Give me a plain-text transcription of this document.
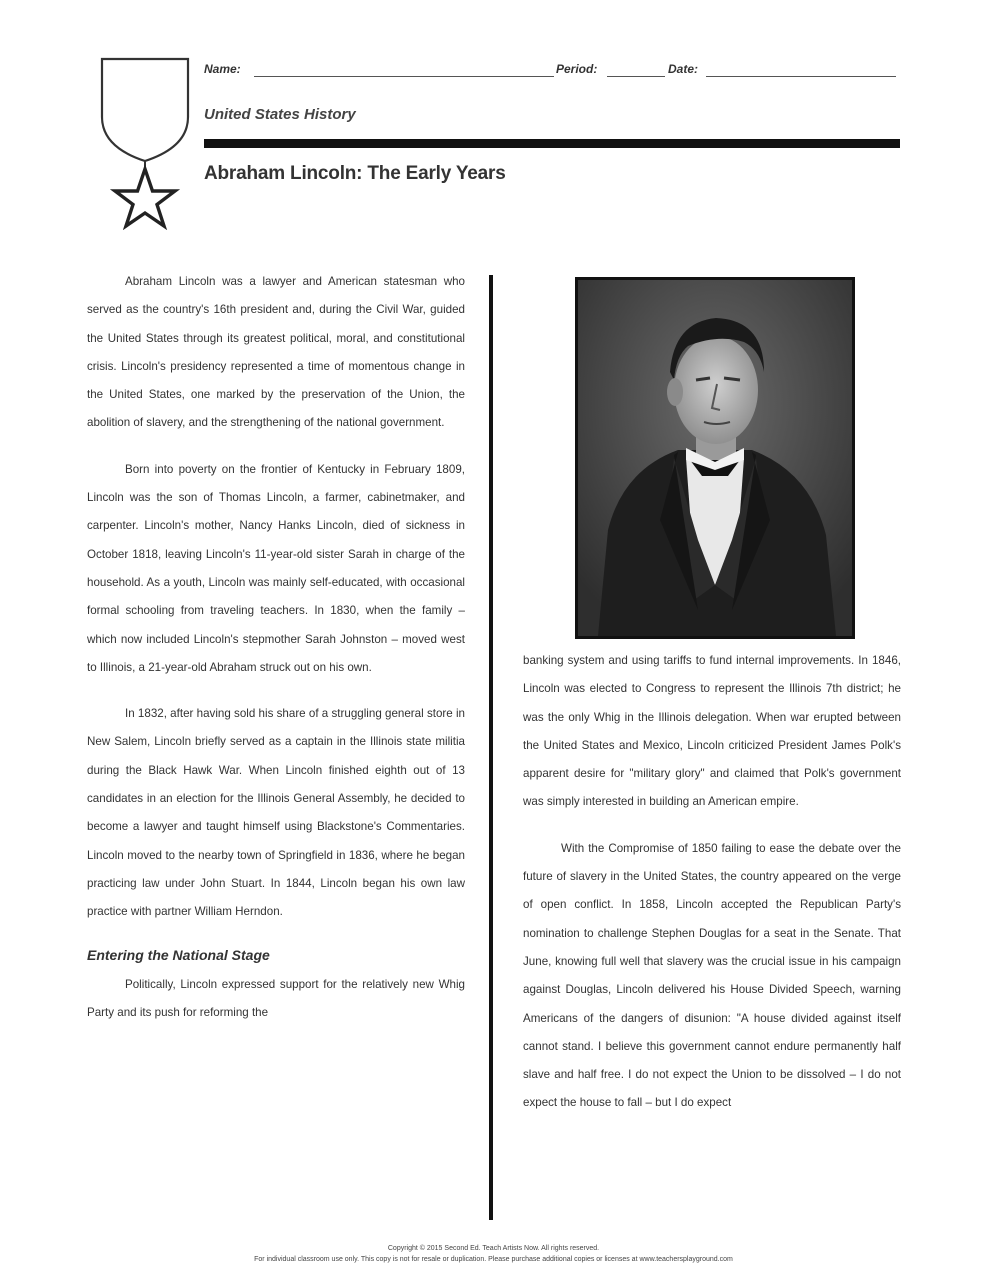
Name:	Period:	Date:
United States History
Abraham Lincoln: The Early Years

Abraham Lincoln was a lawyer and American statesman who served as the country's 16th president and, during the Civil War, guided the United States through its greatest political, moral, and constitutional crisis. Lincoln's presidency represented a time of momentous change in the United States, one marked by the preservation of the Union, the abolition of slavery, and the strengthening of the national government.

Born into poverty on the frontier of Kentucky in February 1809, Lincoln was the son of Thomas Lincoln, a farmer, cabinetmaker, and carpenter. Lincoln's mother, Nancy Hanks Lincoln, died of sickness in October 1818, leaving Lincoln's 11-year-old sister Sarah in charge of the household. As a youth, Lincoln was mainly self-educated, with occasional formal schooling from traveling teachers. In 1830, when the family – which now included Lincoln's stepmother Sarah Johnston – moved west to Illinois, a 21-year-old Abraham struck out on his own.

In 1832, after having sold his share of a struggling general store in New Salem, Lincoln briefly served as a captain in the Illinois state militia during the Black Hawk War. When Lincoln finished eighth out of 13 candidates in an election for the Illinois General Assembly, he decided to become a lawyer and taught himself using Blackstone's Commentaries. Lincoln moved to the nearby town of Springfield in 1836, where he began practicing law under John Stuart. In 1844, Lincoln began his own law practice with partner William Herndon.

Entering the National Stage

Politically, Lincoln expressed support for the relatively new Whig Party and its push for reforming the

banking system and using tariffs to fund internal improvements. In 1846, Lincoln was elected to Congress to represent the Illinois 7th district; he was the only Whig in the Illinois delegation. When war erupted between the United States and Mexico, Lincoln criticized President James Polk's apparent desire for "military glory" and claimed that Polk's government was simply interested in building an American empire.

With the Compromise of 1850 failing to ease the debate over the future of slavery in the United States, the country appeared on the verge of open conflict. In 1858, Lincoln accepted the Republican Party's nomination to challenge Stephen Douglas for a seat in the Senate. That June, knowing full well that slavery was the crucial issue in his campaign against Douglas, Lincoln delivered his House Divided Speech, warning Americans of the dangers of disunion: "A house divided against itself cannot stand. I believe this government cannot endure permanently half slave and half free. I do not expect the Union to be dissolved – I do not expect the house to fall – but I do expect

Copyright © 2015 Second Ed. Teach Artists Now. All rights reserved.
For individual classroom use only. This copy is not for resale or duplication. Please purchase additional copies or licenses at www.teachersplayground.com
